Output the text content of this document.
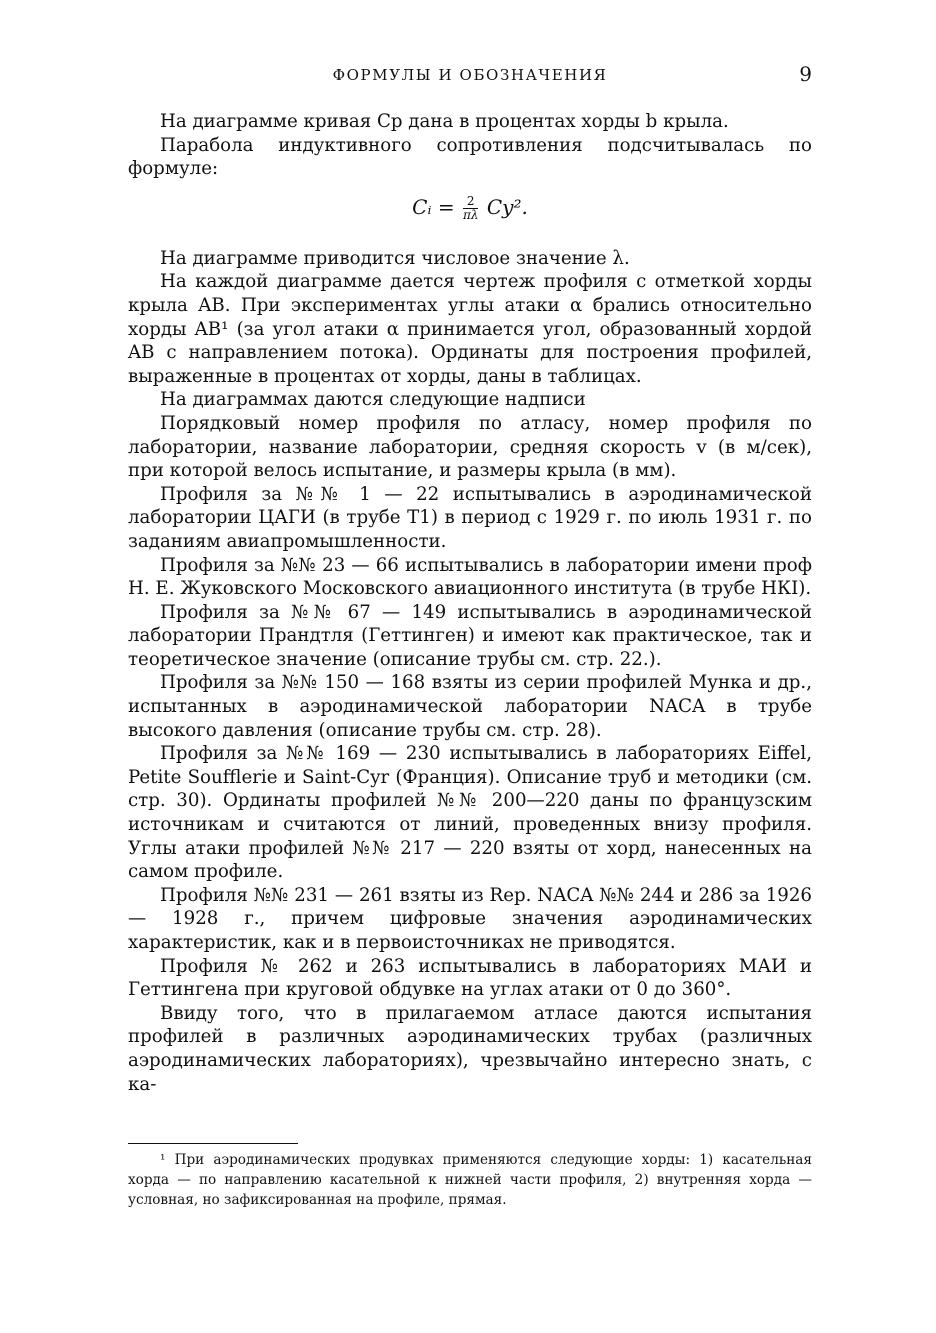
ФОРМУЛЫ И ОБОЗНАЧЕНИЯ	9

На диаграмме кривая Cp дана в процентах хорды b крыла.

Парабола индуктивного сопротивления подсчитывалась по формуле:

Cᵢ = $\frac{2}{\pi\lambda} Cy^2$.

На диаграмме приводится числовое значение λ.

На каждой диаграмме дается чертеж профиля с отметкой хорды крыла AB. При экспериментах углы атаки α брались относительно хорды AB¹ (за угол атаки α принимается угол, образованный хордой AB с направлением потока). Ординаты для построения профилей, выраженные в процентах от хорды, даны в таблицах.

На диаграммах даются следующие надписи

Порядковый номер профиля по атласу, номер профиля по лаборатории, название лаборатории, средняя скорость v (в м/сек), при которой велось испытание, и размеры крыла (в мм).

Профиля за №№ 1 — 22 испытывались в аэродинамической лаборатории ЦАГИ (в трубе Т1) в период с 1929 г. по июль 1931 г. по заданиям авиапромышленности.

Профиля за №№ 23 — 66 испытывались в лаборатории имени проф Н. Е. Жуковского Московского авиационного института (в трубе НКI).

Профиля за №№ 67 — 149 испытывались в аэродинамической лаборатории Прандтля (Геттинген) и имеют как практическое, так и теоретическое значение (описание трубы см. стр. 22.).

Профиля за №№ 150 — 168 взяты из серии профилей Мунка и др., испытанных в аэродинамической лаборатории NACA в трубе высокого давления (описание трубы см. стр. 28).

Профиля за №№ 169 — 230 испытывались в лабораториях Eiffel, Petite Soufflerie и Saint-Cyr (Франция). Описание труб и методики (см. стр. 30). Ординаты профилей №№ 200—220 даны по французским источникам и считаются от линий, проведенных внизу профиля. Углы атаки профилей №№ 217 — 220 взяты от хорд, нанесенных на самом профиле.

Профиля №№ 231 — 261 взяты из Rep. NACA №№ 244 и 286 за 1926 — 1928 г., причем цифровые значения аэродинамических характеристик, как и в первоисточниках не приводятся.

Профиля № 262 и 263 испытывались в лабораториях МАИ и Геттингена при круговой обдувке на углах атаки от 0 до 360°.

Ввиду того, что в прилагаемом атласе даются испытания профилей в различных аэродинамических трубах (различных аэродинамических лабораториях), чрезвычайно интересно знать, с ка-

¹ При аэродинамических продувках применяются следующие хорды: 1) касательная хорда — по направлению касательной к нижней части профиля, 2) внутренняя хорда — условная, но зафиксированная на профиле, прямая.
